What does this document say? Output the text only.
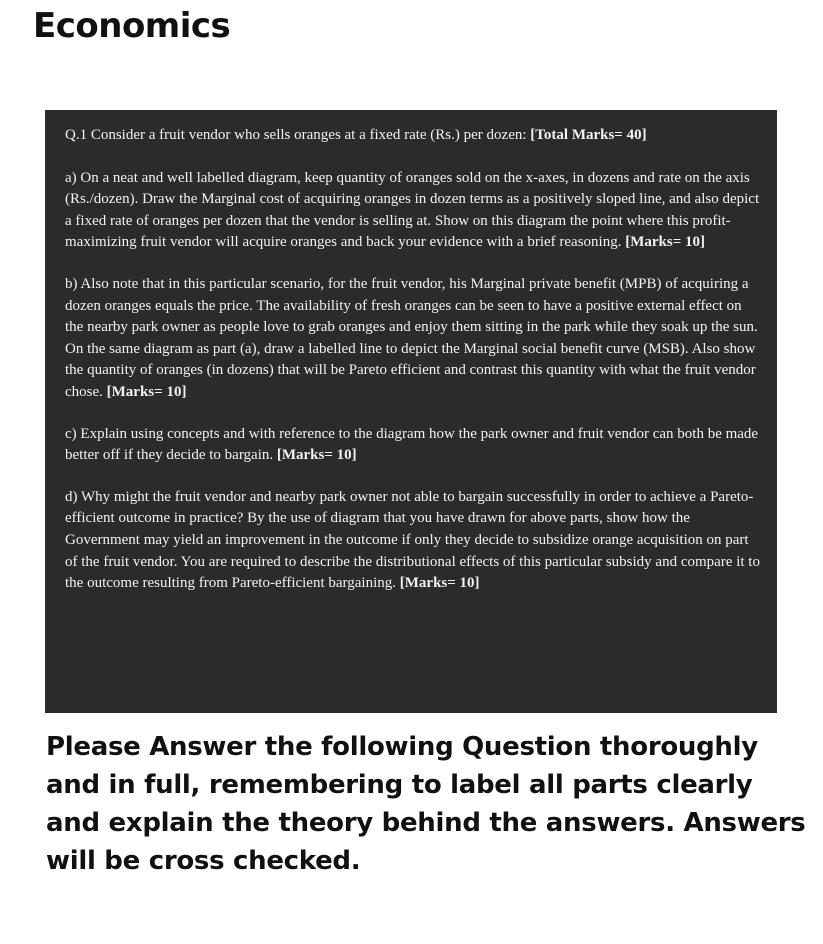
Economics

Q.1 Consider a fruit vendor who sells oranges at a fixed rate (Rs.) per dozen: [Total Marks= 40]

a) On a neat and well labelled diagram, keep quantity of oranges sold on the x-axes, in dozens and rate on the axis (Rs./dozen). Draw the Marginal cost of acquiring oranges in dozen terms as a positively sloped line, and also depict a fixed rate of oranges per dozen that the vendor is selling at. Show on this diagram the point where this profit-maximizing fruit vendor will acquire oranges and back your evidence with a brief reasoning. [Marks= 10]

b) Also note that in this particular scenario, for the fruit vendor, his Marginal private benefit (MPB) of acquiring a dozen oranges equals the price. The availability of fresh oranges can be seen to have a positive external effect on the nearby park owner as people love to grab oranges and enjoy them sitting in the park while they soak up the sun. On the same diagram as part (a), draw a labelled line to depict the Marginal social benefit curve (MSB). Also show the quantity of oranges (in dozens) that will be Pareto efficient and contrast this quantity with what the fruit vendor chose. [Marks= 10]

c) Explain using concepts and with reference to the diagram how the park owner and fruit vendor can both be made better off if they decide to bargain. [Marks= 10]

d) Why might the fruit vendor and nearby park owner not able to bargain successfully in order to achieve a Pareto-efficient outcome in practice? By the use of diagram that you have drawn for above parts, show how the Government may yield an improvement in the outcome if only they decide to subsidize orange acquisition on part of the fruit vendor. You are required to describe the distributional effects of this particular subsidy and compare it to the outcome resulting from Pareto-efficient bargaining. [Marks= 10]

Please Answer the following Question thoroughly and in full, remembering to label all parts clearly and explain the theory behind the answers. Answers will be cross checked.
